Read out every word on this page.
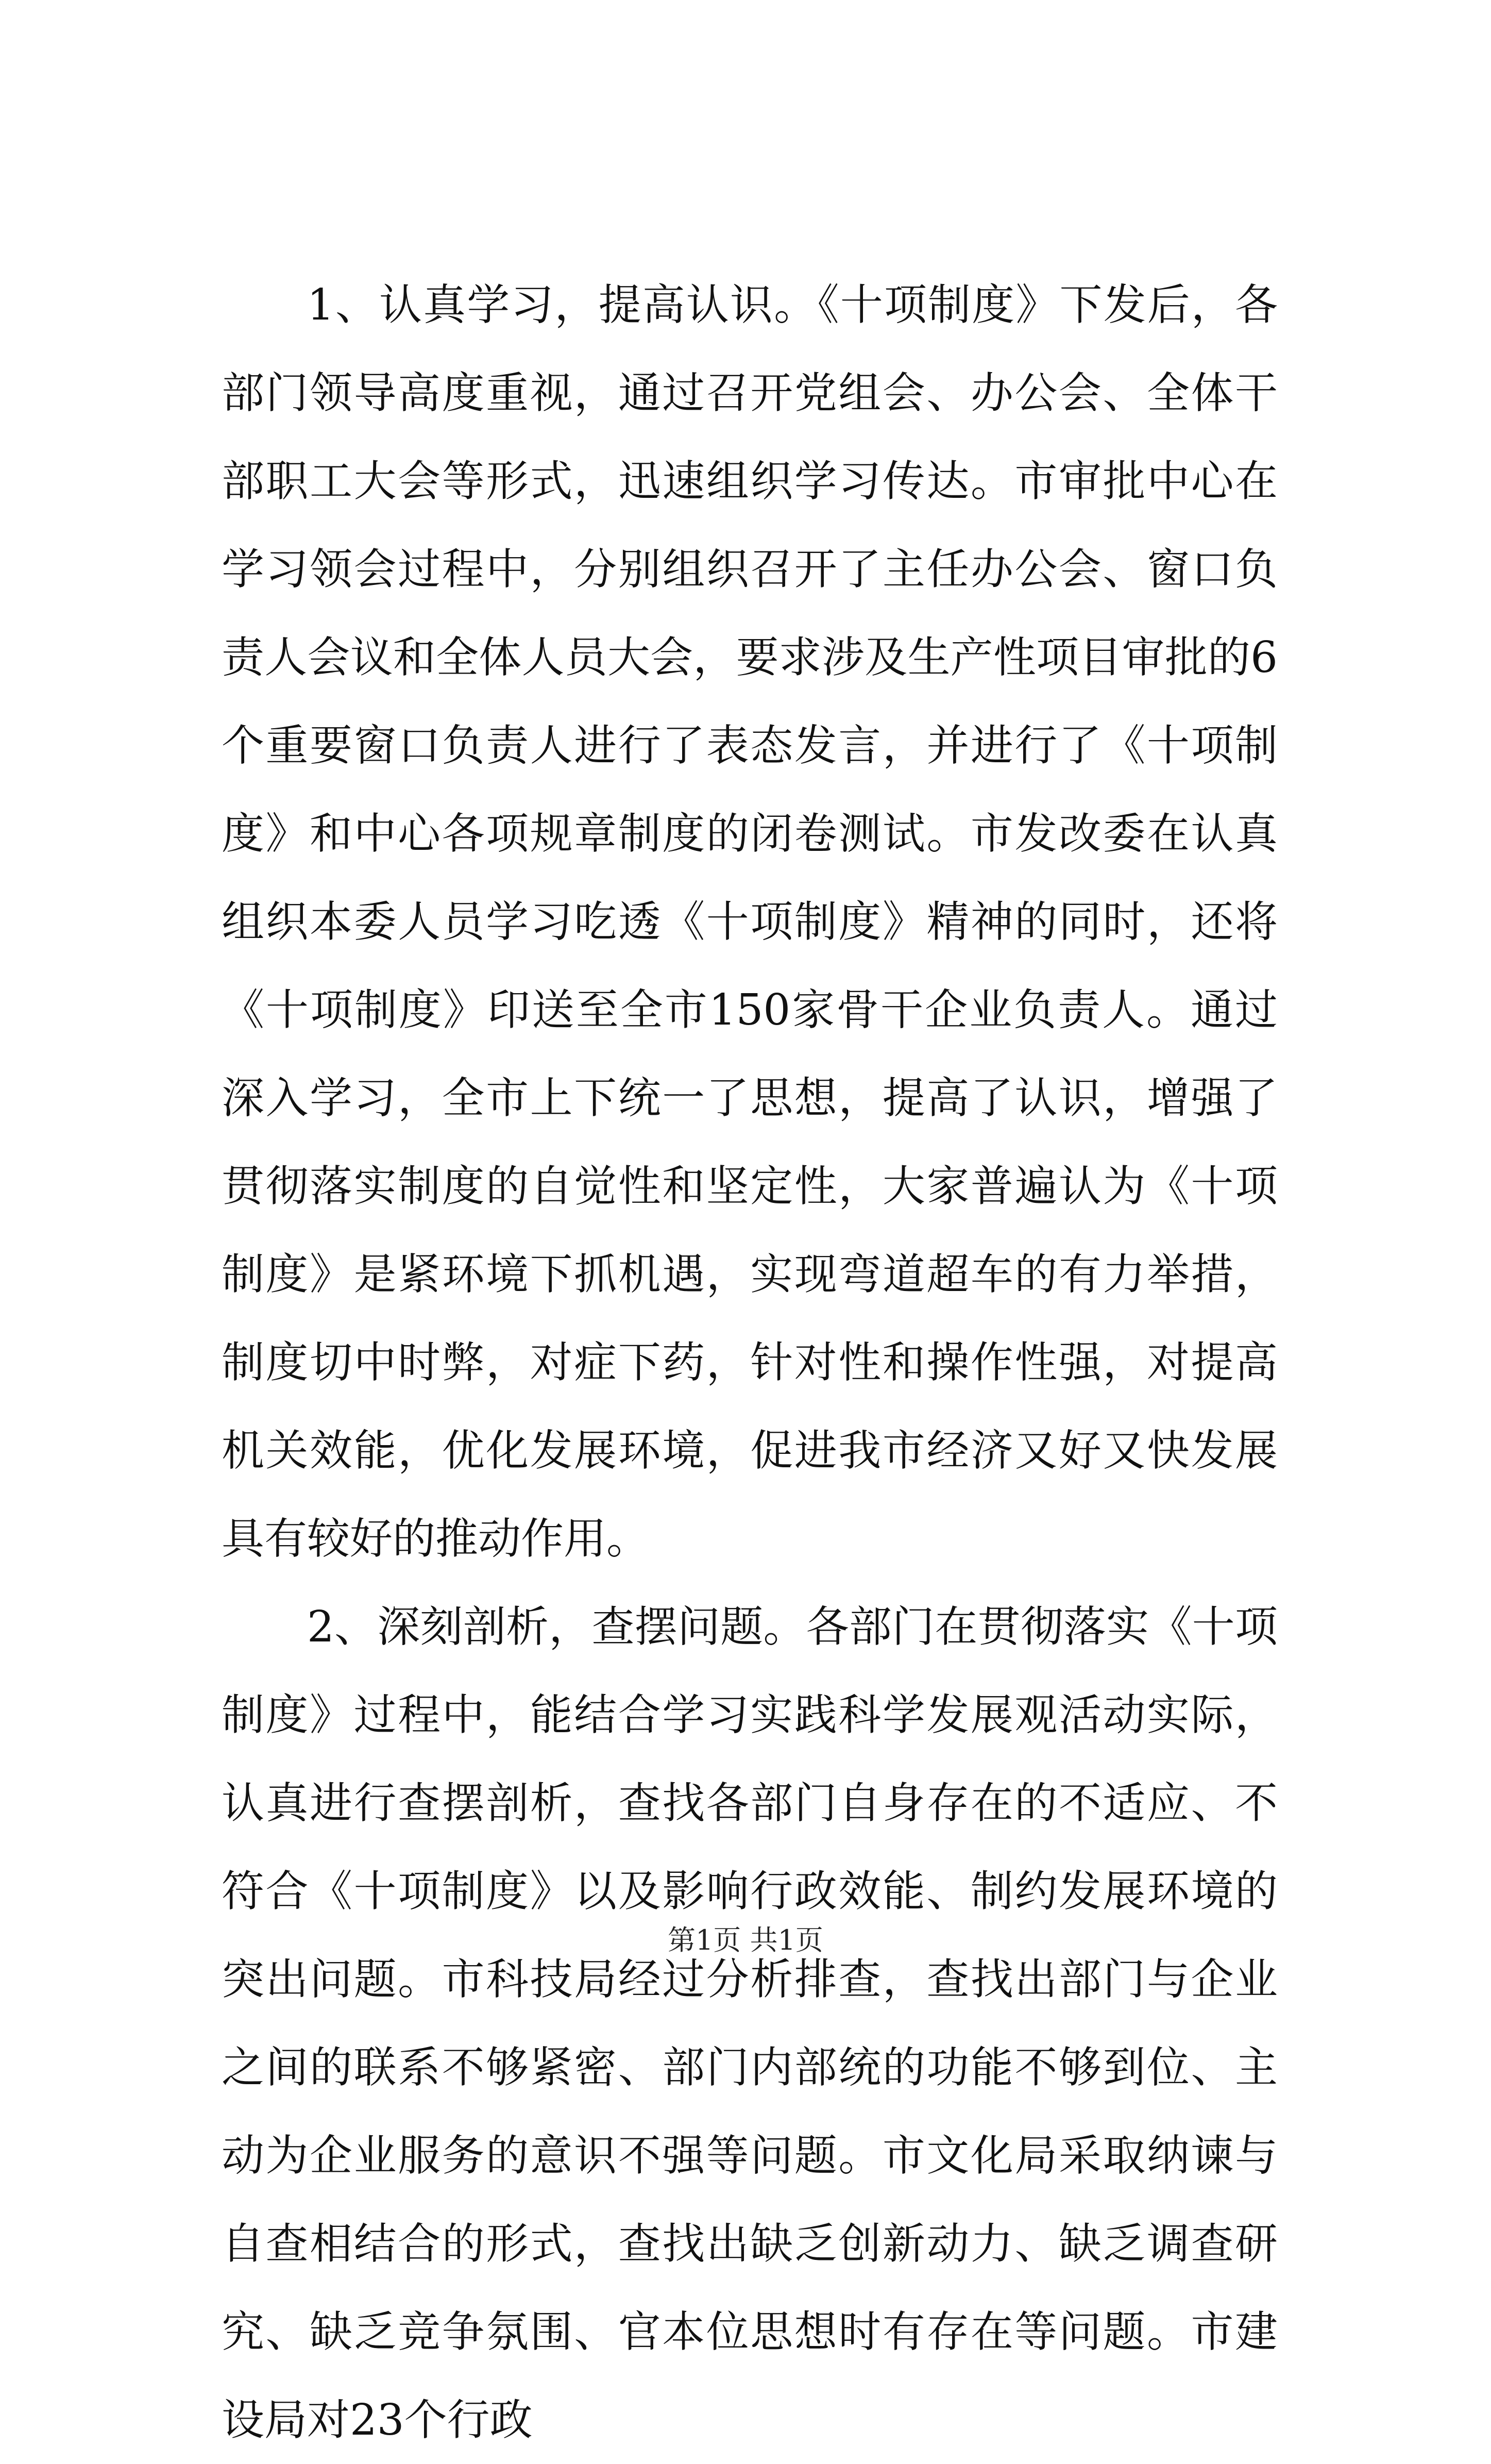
1、认真学习，提高认识。《十项制度》下发后，各部门领导高度重视，通过召开党组会、办公会、全体干部职工大会等形式，迅速组织学习传达。市审批中心在学习领会过程中，分别组织召开了主任办公会、窗口负责人会议和全体人员大会，要求涉及生产性项目审批的6个重要窗口负责人进行了表态发言，并进行了《十项制度》和中心各项规章制度的闭卷测试。市发改委在认真组织本委人员学习吃透《十项制度》精神的同时，还将《十项制度》印送至全市150家骨干企业负责人。通过深入学习，全市上下统一了思想，提高了认识，增强了贯彻落实制度的自觉性和坚定性，大家普遍认为《十项制度》是紧环境下抓机遇，实现弯道超车的有力举措，制度切中时弊，对症下药，针对性和操作性强，对提高机关效能，优化发展环境，促进我市经济又好又快发展具有较好的推动作用。

2、深刻剖析，查摆问题。各部门在贯彻落实《十项制度》过程中，能结合学习实践科学发展观活动实际，认真进行查摆剖析，查找各部门自身存在的不适应、不符合《十项制度》以及影响行政效能、制约发展环境的突出问题。市科技局经过分析排查，查找出部门与企业之间的联系不够紧密、部门内部统的功能不够到位、主动为企业服务的意识不强等问题。市文化局采取纳谏与自查相结合的形式，查找出缺乏创新动力、缺乏调查研究、缺乏竞争氛围、官本位思想时有存在等问题。市建设局对23个行政

第1页 共1页
